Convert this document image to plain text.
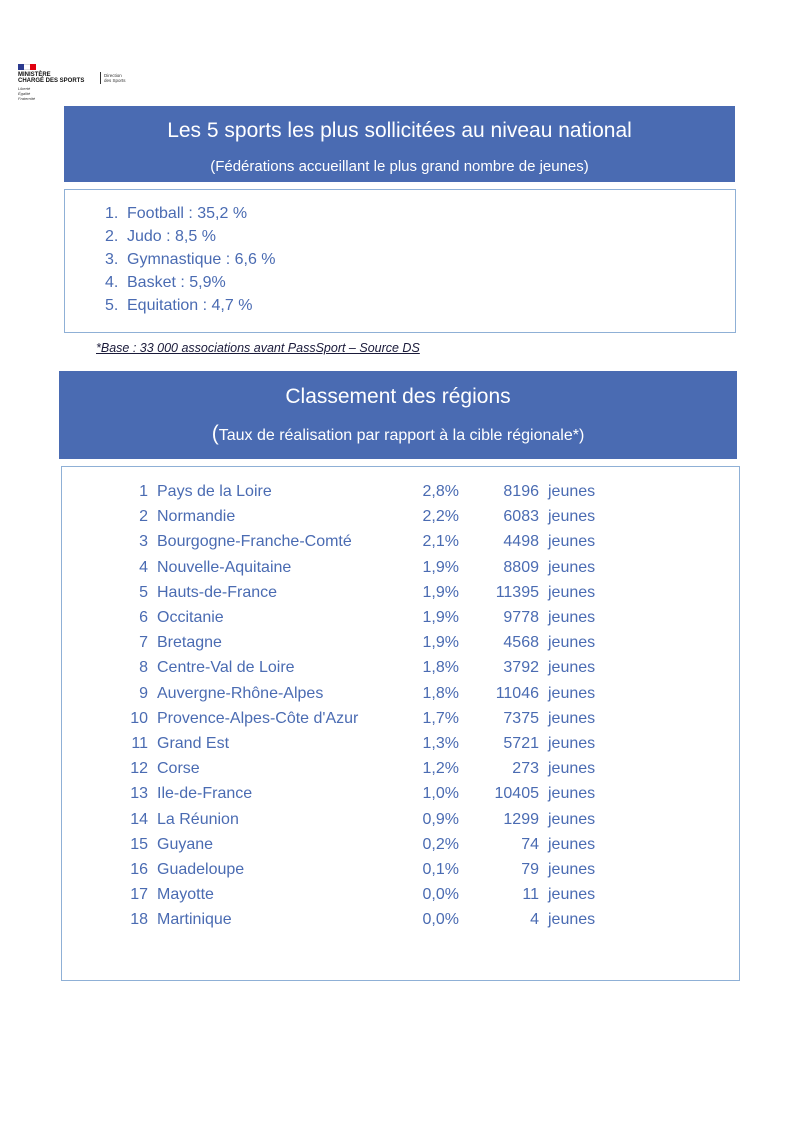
MINISTÈRE
CHARGÉ DES SPORTS
Liberté
Égalité
Fraternité
Direction
des Sports
Les 5 sports les plus sollicitées au niveau national
(Fédérations accueillant le plus grand nombre de jeunes)
1. Football : 35,2 %
2. Judo : 8,5 %
3. Gymnastique : 6,6 %
4. Basket : 5,9%
5. Equitation : 4,7 %
*Base : 33 000 associations avant PassSport – Source DS
Classement des régions
(Taux de réalisation par rapport à la cible régionale*)
1 Pays de la Loire	2,8%	8196 jeunes
2 Normandie	2,2%	6083 jeunes
3 Bourgogne-Franche-Comté	2,1%	4498 jeunes
4 Nouvelle-Aquitaine	1,9%	8809 jeunes
5 Hauts-de-France	1,9%	11395 jeunes
6 Occitanie	1,9%	9778 jeunes
7 Bretagne	1,9%	4568 jeunes
8 Centre-Val de Loire	1,8%	3792 jeunes
9 Auvergne-Rhône-Alpes	1,8%	11046 jeunes
10 Provence-Alpes-Côte d'Azur	1,7%	7375 jeunes
11 Grand Est	1,3%	5721 jeunes
12 Corse	1,2%	273 jeunes
13 Ile-de-France	1,0%	10405 jeunes
14 La Réunion	0,9%	1299 jeunes
15 Guyane	0,2%	74 jeunes
16 Guadeloupe	0,1%	79 jeunes
17 Mayotte	0,0%	11 jeunes
18 Martinique	0,0%	4 jeunes
